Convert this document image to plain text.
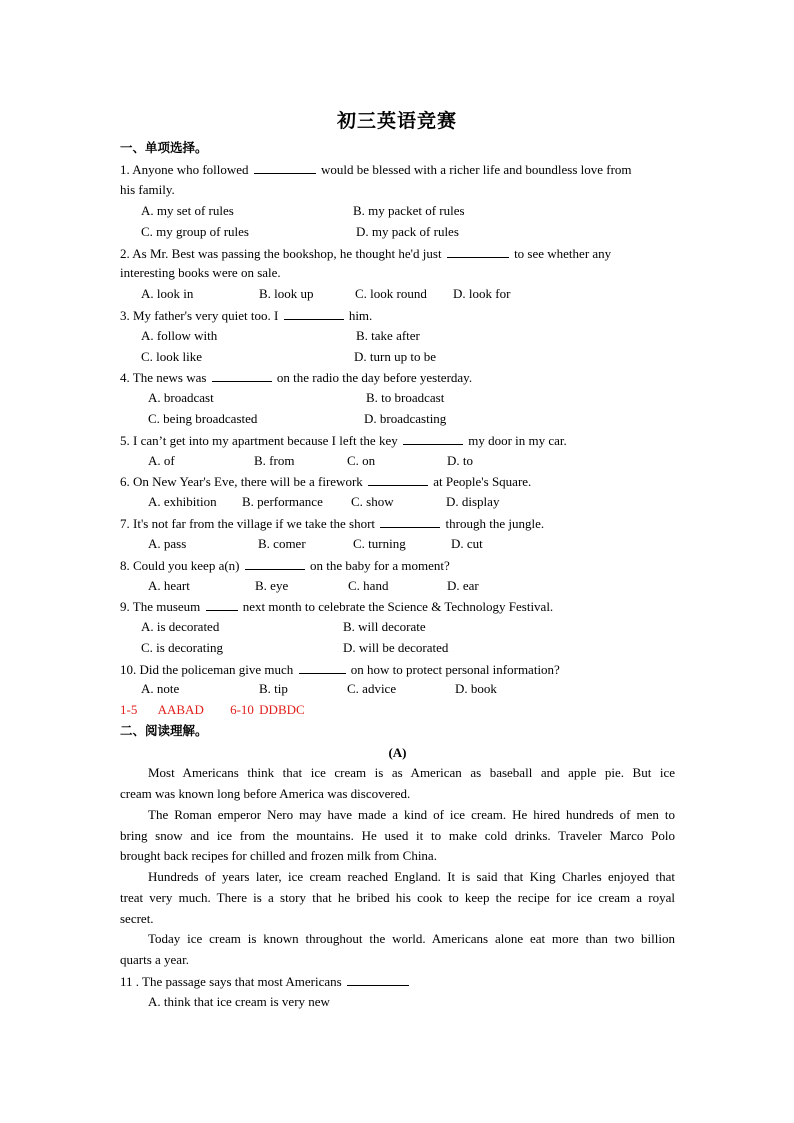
初三英语竞赛
一、单项选择。
1. Anyone who followed	would be blessed with a richer life and boundless love from
his family.
A. my set of rules	B. my packet of rules
C. my group of rules	D. my pack of rules
2. As Mr. Best was passing the bookshop, he thought he'd just	to see whether any
interesting books were on sale.
A. look in	B. look up	C. look round D. look for
3. My father's very quiet too. I	him.
A. follow with	B. take after
C. look like	D. turn up to be
4. The news was	on the radio the day before yesterday.
A. broadcast	B. to broadcast
C. being broadcasted	D. broadcasting
5. I can’t get into my apartment because I left the key	my door in my car.
A. of	B. from	C. on	D. to
6. On New Year's Eve, there will be a firework	at People's Square.
A. exhibition B. performance C. show	D. display
7. It's not far from the village if we take the short	through the jungle.
A. pass	B. comer	C. turning	D. cut
8. Could you keep a(n)	on the baby for a moment?
A. heart	B. eye	C. hand	D. ear
9. The museum	next month to celebrate the Science & Technology Festival.
A. is decorated	B. will decorate
C. is decorating	D. will be decorated
10. Did the policeman give much	on how to protect personal information?
A. note	B. tip	C. advice	D. book
1-5    AABAD     6-10 DDBDC
二、阅读理解。
(A)
Most Americans think that ice cream is as American as baseball and apple pie. But ice
cream was known long before America was discovered.
The Roman emperor Nero may have made a kind of ice cream. He hired hundreds of men to
bring snow and ice from the mountains. He used it to make cold drinks. Traveler Marco Polo
brought back recipes for chilled and frozen milk from China.
Hundreds of years later, ice cream reached England. It is said that King Charles enjoyed that
treat very much. There is a story that he bribed his cook to keep the recipe for ice cream a royal
secret.
Today ice cream is known throughout the world. Americans alone eat more than two billion
quarts a year.
11 . The passage says that most Americans
A. think that ice cream is very new
